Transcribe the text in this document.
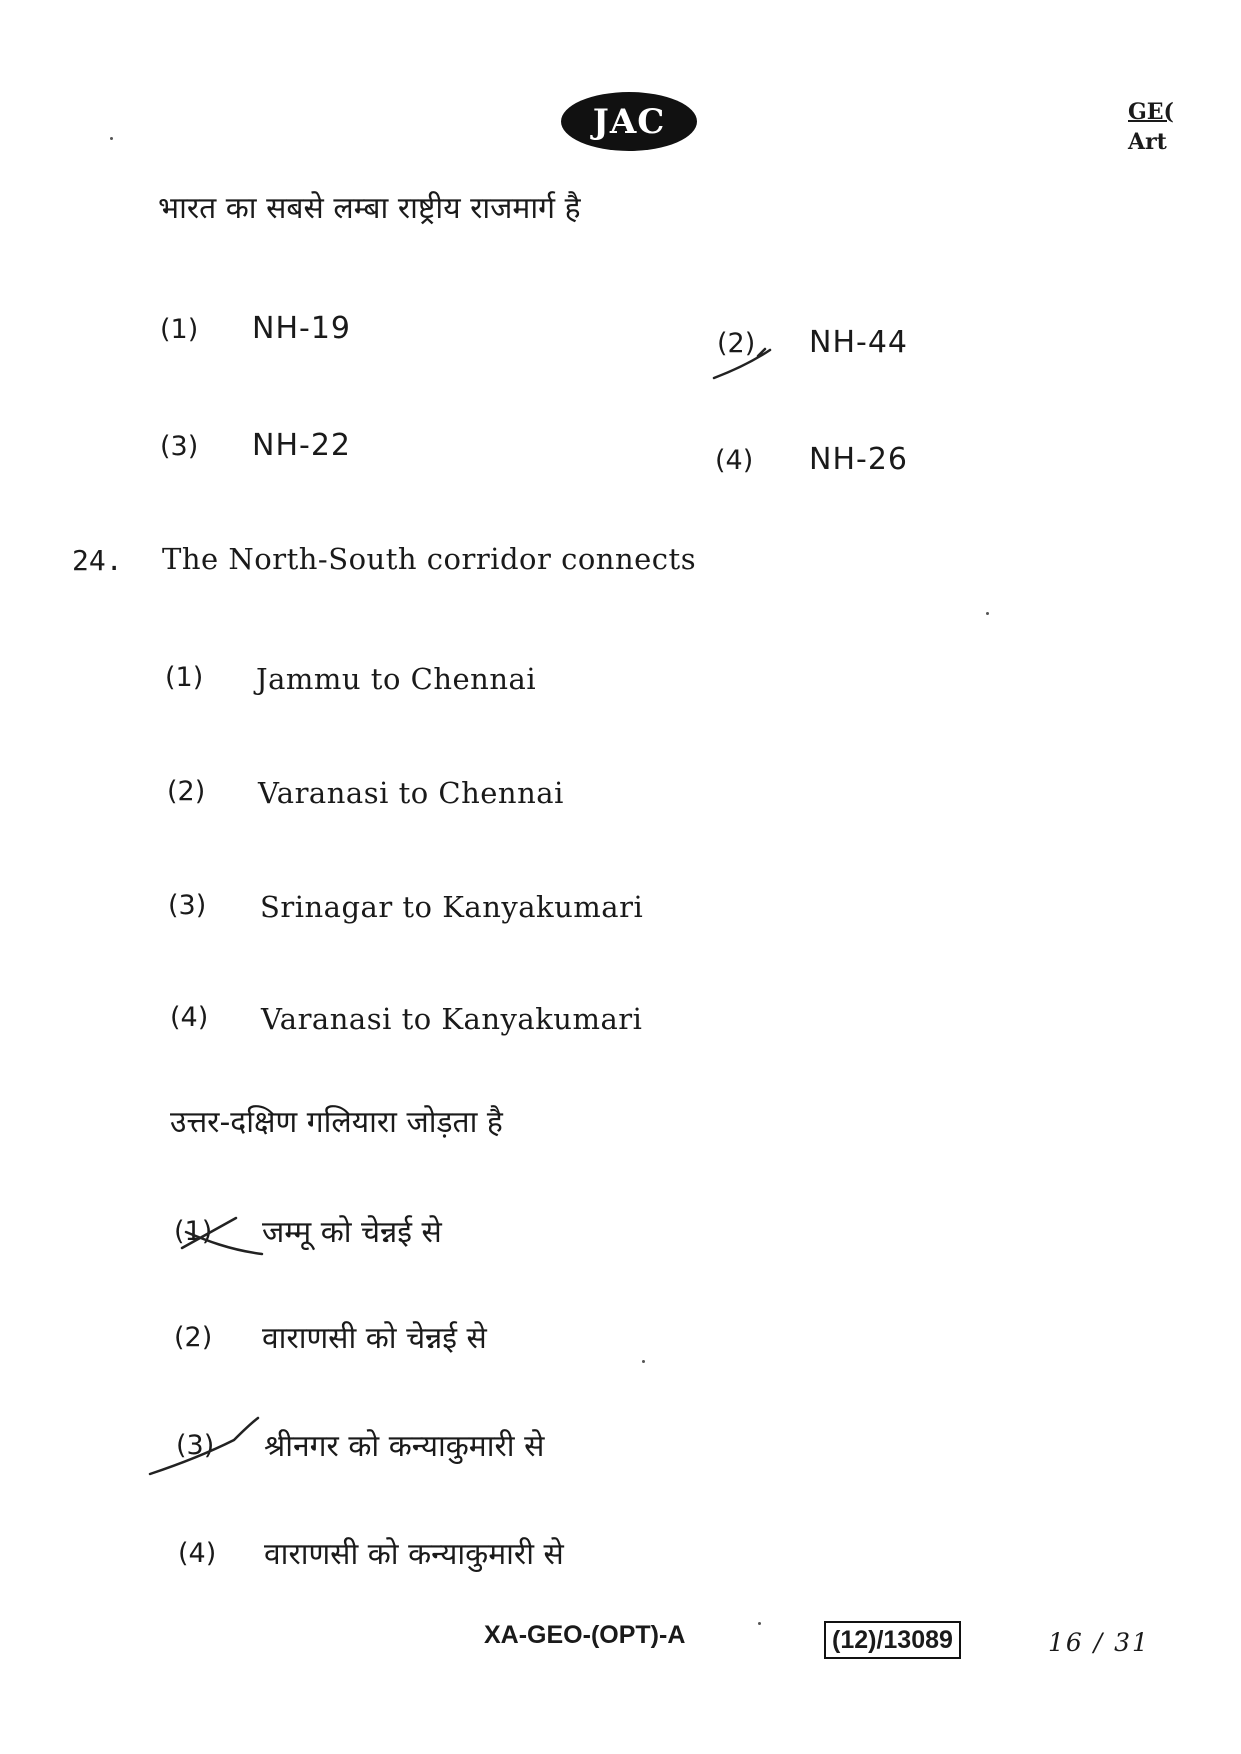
JAC	GE(
Art
भारत का सबसे लम्बा राष्ट्रीय राजमार्ग है
(1) NH-19	(2) NH-44
(3) NH-22	(4) NH-26
24. The North-South corridor connects
(1) Jammu to Chennai
(2) Varanasi to Chennai
(3) Srinagar to Kanyakumari
(4) Varanasi to Kanyakumari
उत्तर-दक्षिण गलियारा जोड़ता है
(1) जम्मू को चेन्नई से
(2) वाराणसी को चेन्नई से
(3) श्रीनगर को कन्याकुमारी से
(4) वाराणसी को कन्याकुमारी से
XA-GEO-(OPT)-A	(12)/13089	16 / 31
